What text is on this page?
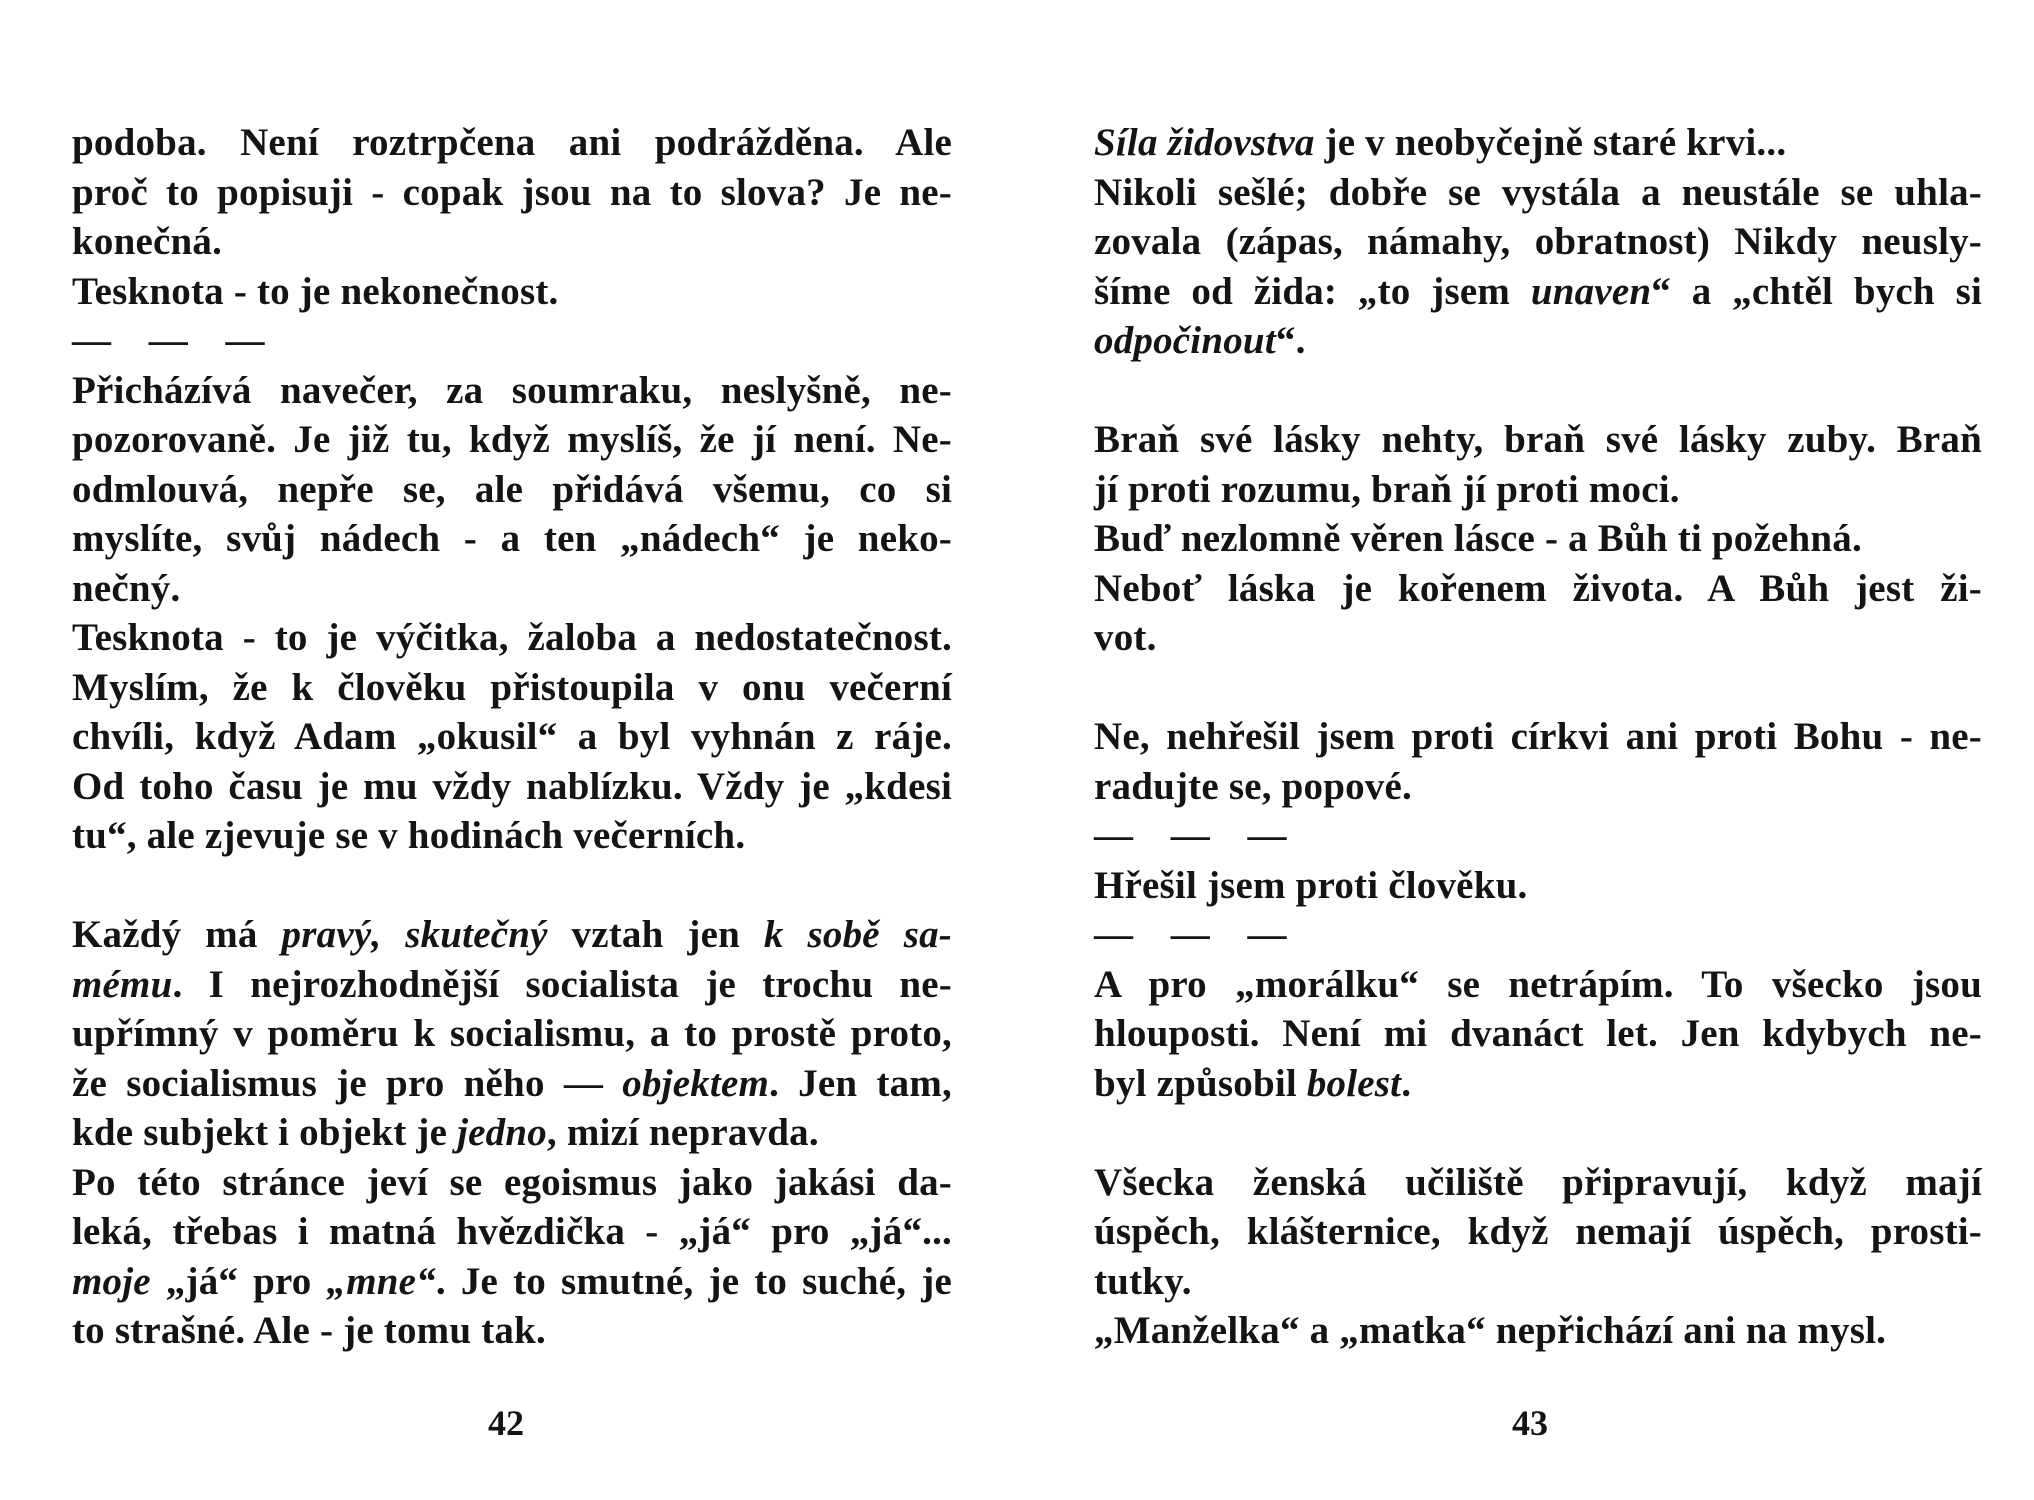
podoba. Není roztrpčena ani podrážděna. Ale
proč to popisuji - copak jsou na to slova? Je ne-
konečná.
Tesknota - to je nekonečnost.
— — —
Přicházívá navečer, za soumraku, neslyšně, ne-
pozorovaně. Je již tu, když myslíš, že jí není. Ne-
odmlouvá, nepře se, ale přidává všemu, co si
myslíte, svůj nádech - a ten „nádech“ je neko-
nečný.
Tesknota - to je výčitka, žaloba a nedostatečnost.
Myslím, že k člověku přistoupila v onu večerní
chvíli, když Adam „okusil“ a byl vyhnán z ráje.
Od toho času je mu vždy nablízku. Vždy je „kdesi
tu“, ale zjevuje se v hodinách večerních.
Každý má pravý, skutečný vztah jen k sobě sa-
mému. I nejrozhodnější socialista je trochu ne-
upřímný v poměru k socialismu, a to prostě proto,
že socialismus je pro něho — objektem. Jen tam,
kde subjekt i objekt je jedno, mizí nepravda.
Po této stránce jeví se egoismus jako jakási da-
leká, třebas i matná hvězdička - „já“ pro „já“...
moje „já“ pro „mne“. Je to smutné, je to suché, je
to strašné. Ale - je tomu tak.
Síla židovstva je v neobyčejně staré krvi...
Nikoli sešlé; dobře se vystála a neustále se uhla-
zovala (zápas, námahy, obratnost) Nikdy neusly-
šíme od žida: „to jsem unaven“ a „chtěl bych si
odpočinout“.
Braň své lásky nehty, braň své lásky zuby. Braň
jí proti rozumu, braň jí proti moci.
Buď nezlomně věren lásce - a Bůh ti požehná.
Neboť láska je kořenem života. A Bůh jest ži-
vot.
Ne, nehřešil jsem proti církvi ani proti Bohu - ne-
radujte se, popové.
— — —
Hřešil jsem proti člověku.
— — —
A pro „morálku“ se netrápím. To všecko jsou
hlouposti. Není mi dvanáct let. Jen kdybych ne-
byl způsobil bolest.
Všecka ženská učiliště připravují, když mají
úspěch, klášternice, když nemají úspěch, prosti-
tutky.
„Manželka“ a „matka“ nepřichází ani na mysl.
42	43
